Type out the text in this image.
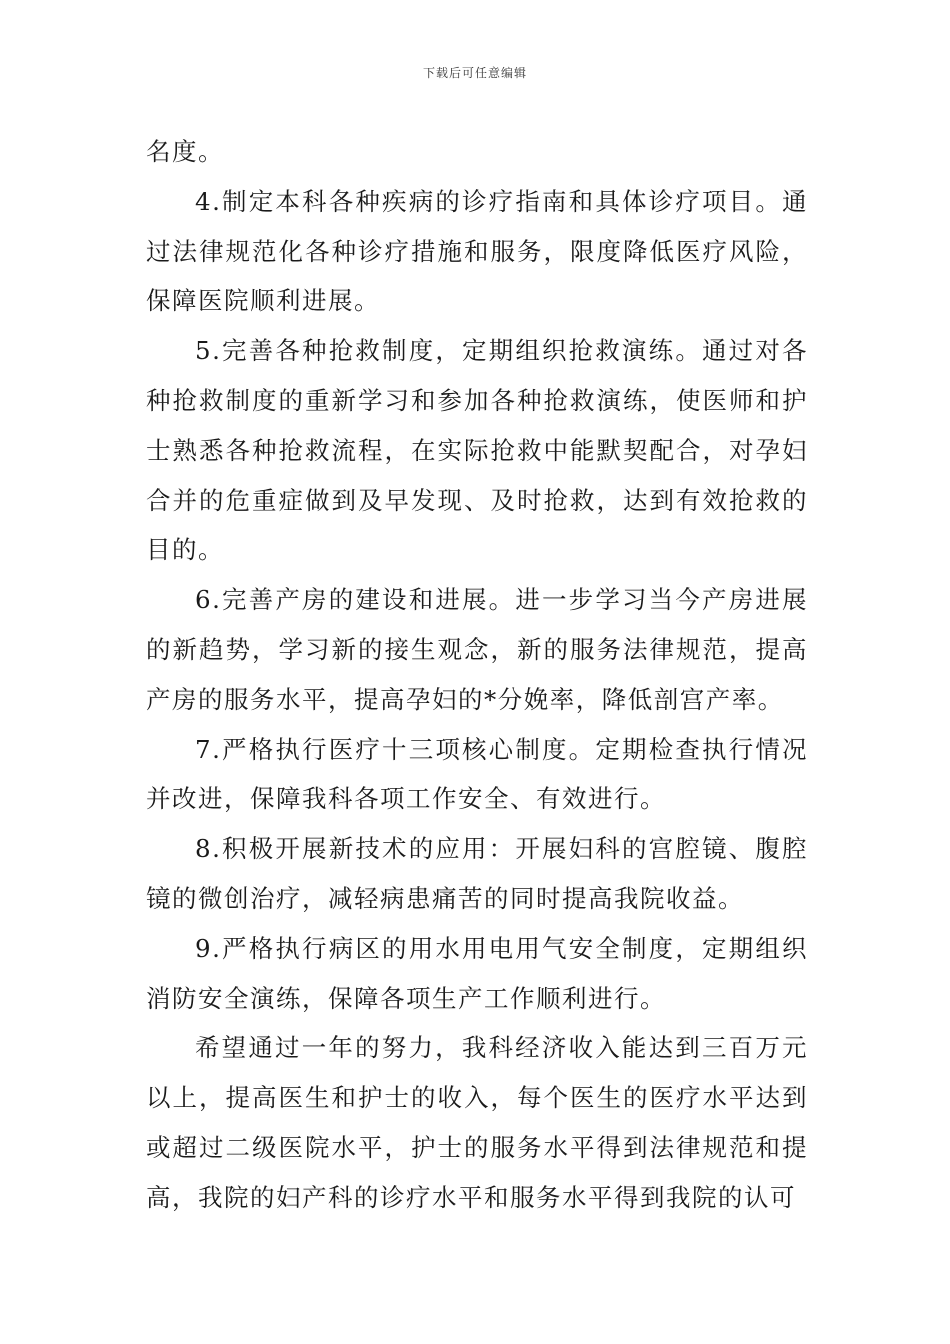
下载后可任意编辑

名度。

4.制定本科各种疾病的诊疗指南和具体诊疗项目。通过法律规范化各种诊疗措施和服务，限度降低医疗风险，保障医院顺利进展。

5.完善各种抢救制度，定期组织抢救演练。通过对各种抢救制度的重新学习和参加各种抢救演练，使医师和护士熟悉各种抢救流程，在实际抢救中能默契配合，对孕妇合并的危重症做到及早发现、及时抢救，达到有效抢救的目的。

6.完善产房的建设和进展。进一步学习当今产房进展的新趋势，学习新的接生观念，新的服务法律规范，提高产房的服务水平，提高孕妇的*分娩率，降低剖宫产率。

7.严格执行医疗十三项核心制度。定期检查执行情况并改进，保障我科各项工作安全、有效进行。

8.积极开展新技术的应用：开展妇科的宫腔镜、腹腔镜的微创治疗，减轻病患痛苦的同时提高我院收益。

9.严格执行病区的用水用电用气安全制度，定期组织消防安全演练，保障各项生产工作顺利进行。

希望通过一年的努力，我科经济收入能达到三百万元以上，提高医生和护士的收入，每个医生的医疗水平达到或超过二级医院水平，护士的服务水平得到法律规范和提高，我院的妇产科的诊疗水平和服务水平得到我院的认可
